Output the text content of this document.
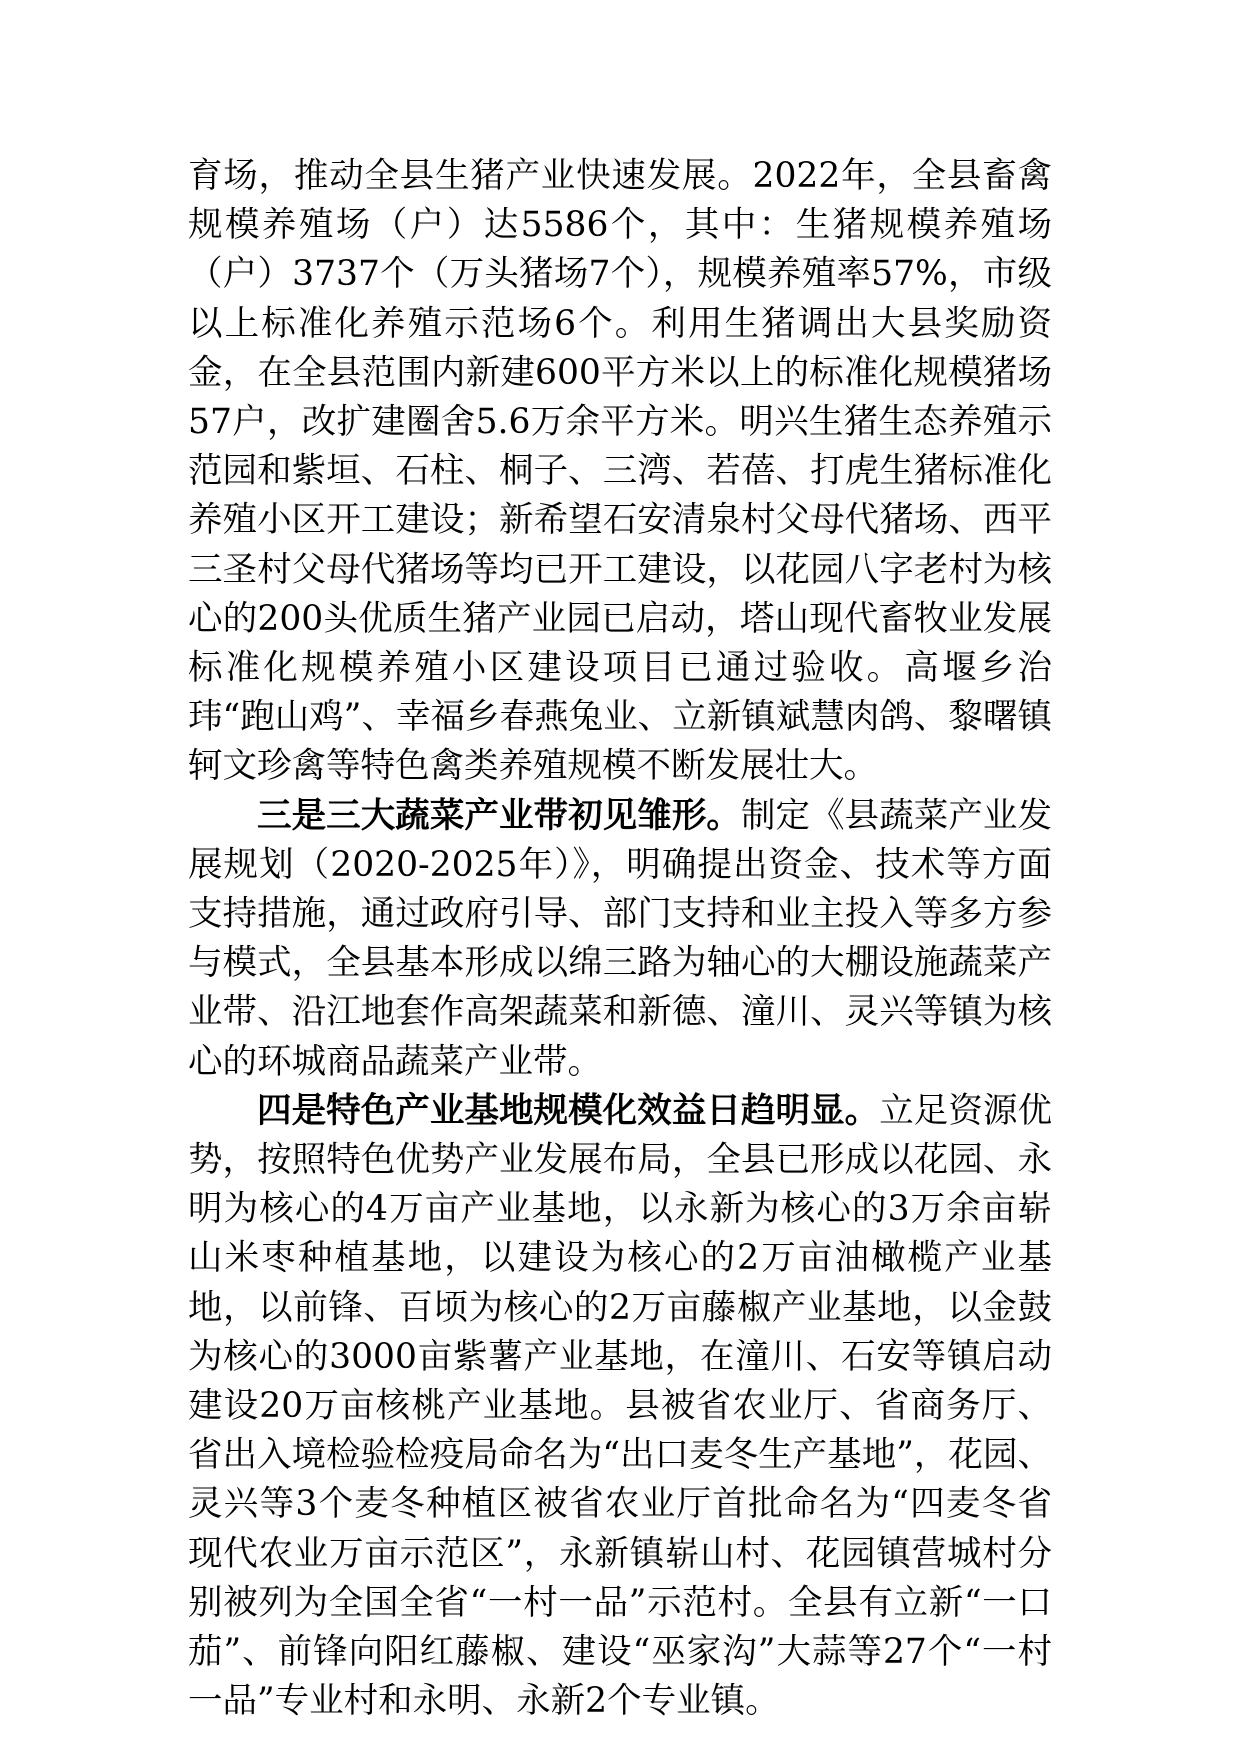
育场，推动全县生猪产业快速发展。2022年，全县畜禽规模养殖场（户）达5586个，其中：生猪规模养殖场（户）3737个（万头猪场7个），规模养殖率57%，市级以上标准化养殖示范场6个。利用生猪调出大县奖励资金，在全县范围内新建600平方米以上的标准化规模猪场57户，改扩建圈舍5.6万余平方米。明兴生猪生态养殖示范园和紫垣、石柱、桐子、三湾、若蓓、打虎生猪标准化养殖小区开工建设；新希望石安清泉村父母代猪场、西平三圣村父母代猪场等均已开工建设，以花园八字老村为核心的200头优质生猪产业园已启动，塔山现代畜牧业发展标准化规模养殖小区建设项目已通过验收。高堰乡治玮“跑山鸡”、幸福乡春燕兔业、立新镇斌慧肉鸽、黎曙镇轲文珍禽等特色禽类养殖规模不断发展壮大。

三是三大蔬菜产业带初见雏形。制定《县蔬菜产业发展规划（2020-2025年）》，明确提出资金、技术等方面支持措施，通过政府引导、部门支持和业主投入等多方参与模式，全县基本形成以绵三路为轴心的大棚设施蔬菜产业带、沿江地套作高架蔬菜和新德、潼川、灵兴等镇为核心的环城商品蔬菜产业带。

四是特色产业基地规模化效益日趋明显。立足资源优势，按照特色优势产业发展布局，全县已形成以花园、永明为核心的4万亩产业基地，以永新为核心的3万余亩崭山米枣种植基地，以建设为核心的2万亩油橄榄产业基地，以前锋、百顷为核心的2万亩藤椒产业基地，以金鼓为核心的3000亩紫薯产业基地，在潼川、石安等镇启动建设20万亩核桃产业基地。县被省农业厅、省商务厅、省出入境检验检疫局命名为“出口麦冬生产基地”，花园、灵兴等3个麦冬种植区被省农业厅首批命名为“四麦冬省现代农业万亩示范区”，永新镇崭山村、花园镇营城村分别被列为全国全省“一村一品”示范村。全县有立新“一口茄”、前锋向阳红藤椒、建设“巫家沟”大蒜等27个“一村一品”专业村和永明、永新2个专业镇。
